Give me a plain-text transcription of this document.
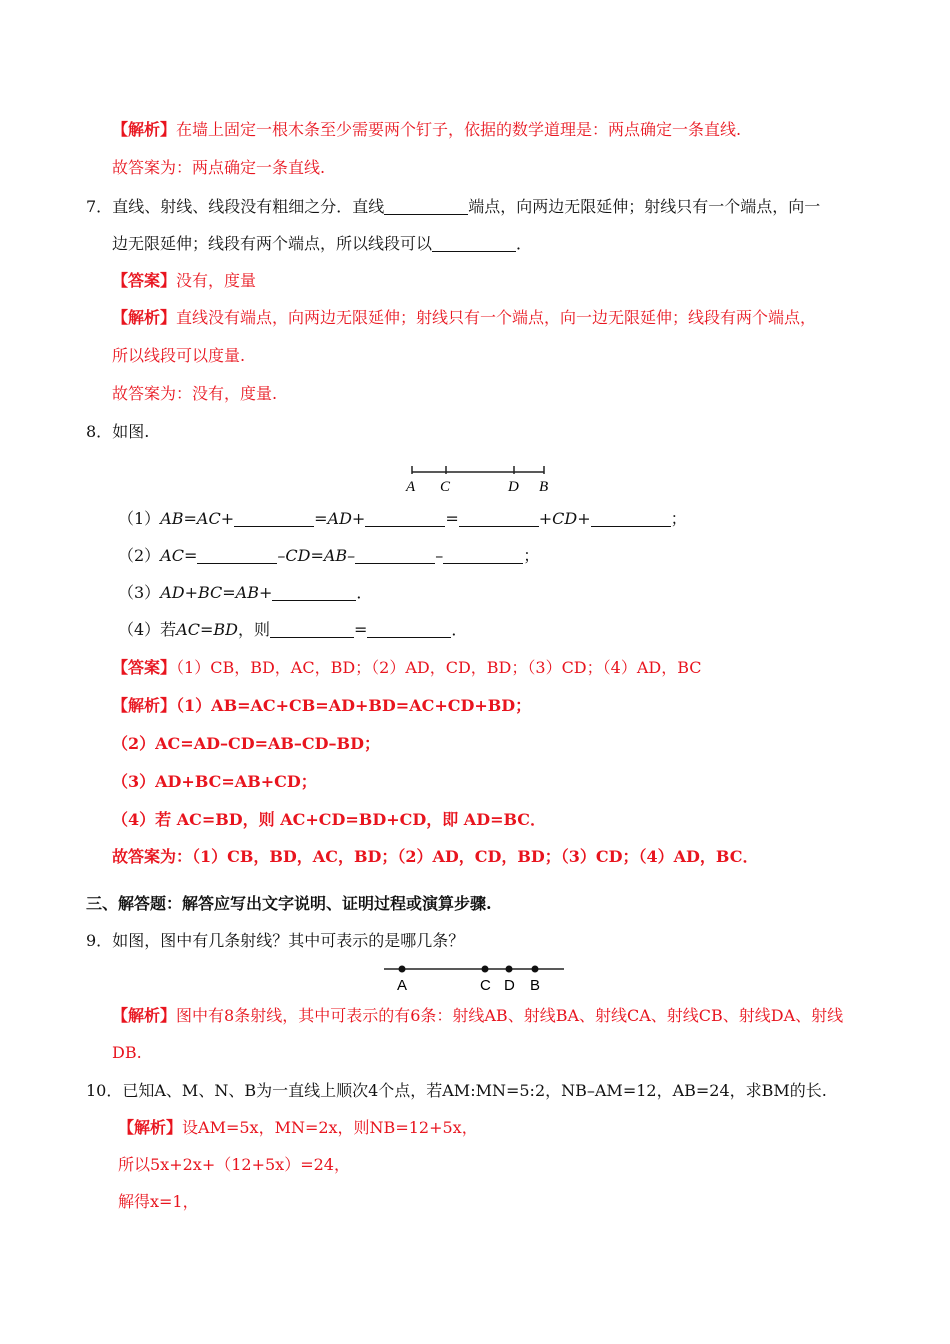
【解析】在墙上固定一根木条至少需要两个钉子，依据的数学道理是：两点确定一条直线.
故答案为：两点确定一条直线.
7．直线、射线、线段没有粗细之分．直线	端点，向两边无限延伸；射线只有一个端点，向一
边无限延伸；线段有两个端点，所以线段可以	．
【答案】没有，度量
【解析】直线没有端点，向两边无限延伸；射线只有一个端点，向一边无限延伸；线段有两个端点，
所以线段可以度量.
故答案为：没有，度量.
8．如图.
A C	D B
（1）AB=AC+	=AD+	=	+CD+	；
（2）AC=	–CD=AB–	–	；
（3）AD+BC=AB+	．
（4）若AC=BD，则	=	．
【答案】（1）CB，BD，AC，BD；（2）AD，CD，BD；（3）CD；（4）AD，BC
【解析】（1）AB=AC+CB=AD+BD=AC+CD+BD；
（2）AC=AD–CD=AB–CD–BD；
（3）AD+BC=AB+CD；
（4）若 AC=BD，则 AC+CD=BD+CD，即 AD=BC．
故答案为：（1）CB，BD，AC，BD；（2）AD，CD，BD；（3）CD；（4）AD，BC．
三、解答题：解答应写出文字说明、证明过程或演算步骤.
9．如图，图中有几条射线？其中可表示的是哪几条？
A	C D B
【解析】图中有8条射线，其中可表示的有6条：射线AB、射线BA、射线CA、射线CB、射线DA、射线
DB.
10．已知A、M、N、B为一直线上顺次4个点，若AM:MN=5:2，NB–AM=12，AB=24，求BM的长.
【解析】设AM=5x，MN=2x，则NB=12+5x，
所以5x+2x+（12+5x）=24，
解得x=1，
